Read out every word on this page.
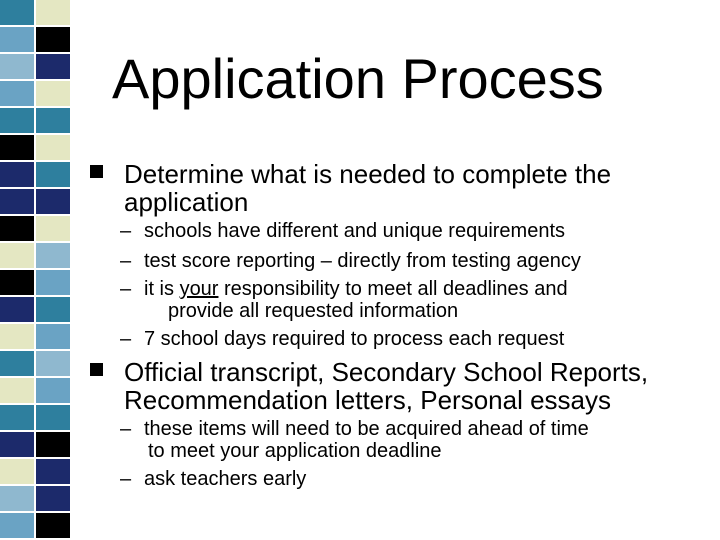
Application Process
Determine what is needed to complete the
application
– schools have different and unique requirements
– test score reporting – directly from testing agency
– it is your responsibility to meet all deadlines and
provide all requested information
– 7 school days required to process each request
Official transcript, Secondary School Reports,
Recommendation letters, Personal essays
– these items will need to be acquired ahead of time
to meet your application deadline
– ask teachers early
